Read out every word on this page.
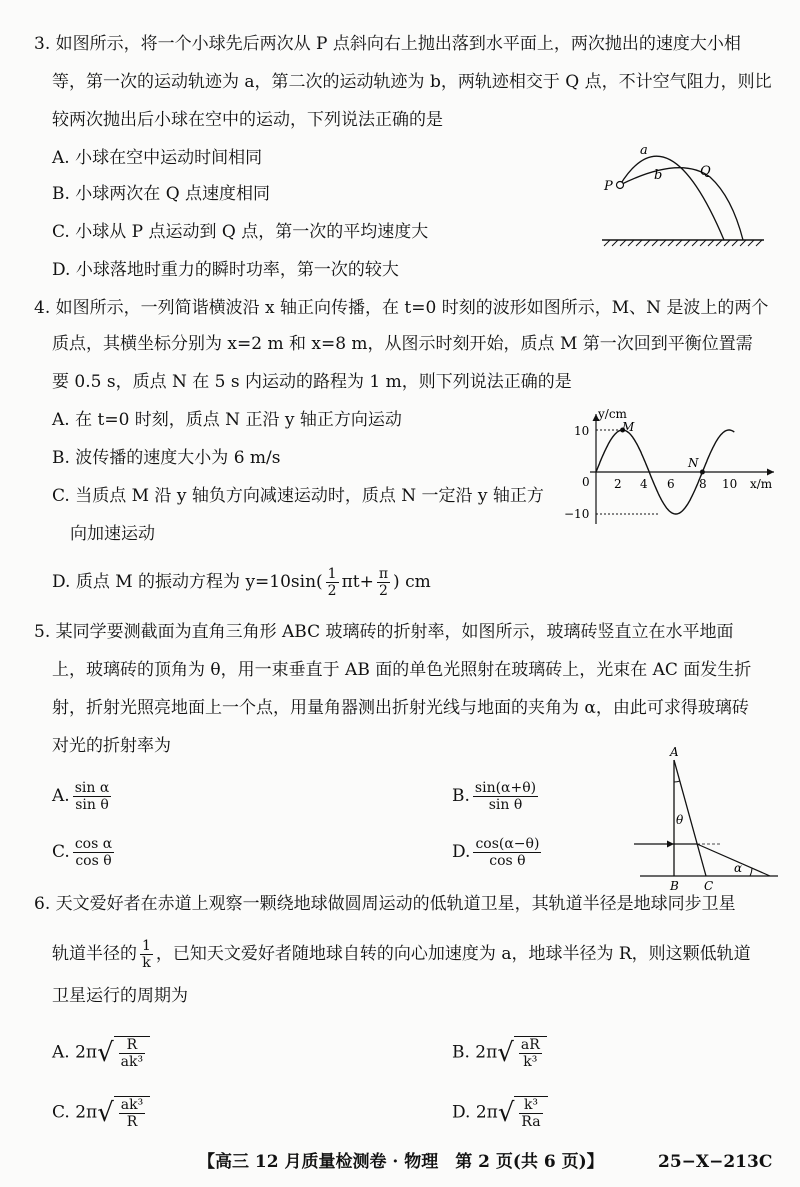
3. 如图所示，将一个小球先后两次从 P 点斜向右上抛出落到水平面上，两次抛出的速度大小相
等，第一次的运动轨迹为 a，第二次的运动轨迹为 b，两轨迹相交于 Q 点，不计空气阻力，则比
较两次抛出后小球在空中的运动，下列说法正确的是
A. 小球在空中运动时间相同
B. 小球两次在 Q 点速度相同
C. 小球从 P 点运动到 Q 点，第一次的平均速度大
D. 小球落地时重力的瞬时功率，第一次的较大
a
b
P
Q
4. 如图所示，一列简谐横波沿 x 轴正向传播，在 t=0 时刻的波形如图所示，M、N 是波上的两个
质点，其横坐标分别为 x=2 m 和 x=8 m，从图示时刻开始，质点 M 第一次回到平衡位置需
要 0.5 s，质点 N 在 5 s 内运动的路程为 1 m，则下列说法正确的是
A. 在 t=0 时刻，质点 N 正沿 y 轴正方向运动
B. 波传播的速度大小为 6 m/s
C. 当质点 M 沿 y 轴负方向减速运动时，质点 N 一定沿 y 轴正方
向加速运动
D. 质点 M 的振动方程为 $y=10\sin( \frac{1}{2} \pi t+ \frac{\pi}{2}$ ) cm
y/cm
x/m
0
10
−10
2 4 6 8 10
M
N
5. 某同学要测截面为直角三角形 ABC 玻璃砖的折射率，如图所示，玻璃砖竖直立在水平地面
上，玻璃砖的顶角为 θ，用一束垂直于 AB 面的单色光照射在玻璃砖上，光束在 AC 面发生折
射，折射光照亮地面上一个点，用量角器测出折射光线与地面的夹角为 α，由此可求得玻璃砖
对光的折射率为
A. $\frac{\text{sin α}}{\text{sin θ}}$	B. $\frac{\sin(\alpha+\theta)}{\text{sin θ}}$
C. $\frac{\text{cos α}}{\text{cos θ}}$	D. $\frac{\cos(\alpha-\theta)}{\text{cos θ}}$
A
θ
B C
α
6. 天文爱好者在赤道上观察一颗绕地球做圆周运动的低轨道卫星，其轨道半径是地球同步卫星
轨道半径的 $\frac{1}{k}$ ，已知天文爱好者随地球自转的向心加速度为 a，地球半径为 R，则这颗低轨道
卫星运行的周期为
A. $2\pi√ \frac{R}{\text{ak³}}$	B. $2\pi√ \frac{aR}{\text{k³}}$
C. $2\pi√ \frac{\text{ak³}}{R}$	D. $2\pi√ \frac{\text{k³}}{Ra}$
【高三 12 月质量检测卷 · 物理　第 2 页(共 6 页)】	25−X−213C
